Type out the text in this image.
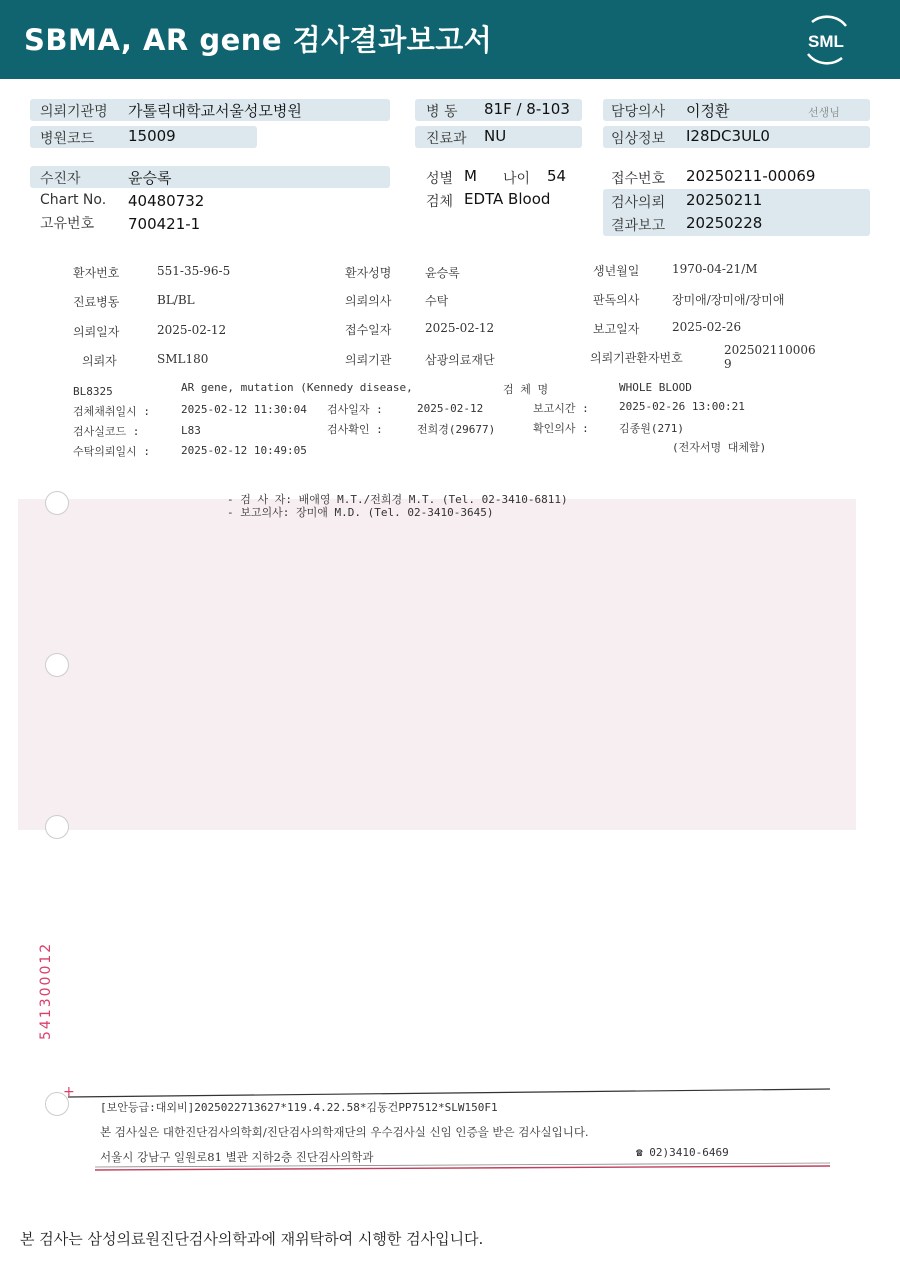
SBMA, AR gene 검사결과보고서	SML
의뢰기관명 가톨릭대학교서울성모병원	병 동 81F / 8-103	담당의사 이정환	선생님
병원코드 15009	진료과 NU	임상정보 I28DC3UL0
수진자	윤승록	성별 M 나이 54	접수번호 20250211-00069
Chart No. 40480732	검체 EDTA Blood	검사의뢰 20250211
고유번호 700421-1	결과보고 20250228
환자번호	551-35-96-5	환자성명	윤승록	생년월일	1970-04-21/M
진료병동	BL/BL	의뢰의사	수탁	판독의사	장미애/장미애/장미애
의뢰일자	2025-02-12	접수일자	2025-02-12	보고일자	2025-02-26
의뢰자	SML180	의뢰기관	삼광의료재단	의뢰기관환자번호
202502110006
9
BL8325	AR gene, mutation (Kennedy disease,	검 체 명	WHOLE BLOOD
검체채취일시 :	2025-02-12 11:30:04 검사일자 :	2025-02-12	보고시간 :	2025-02-26 13:00:21
검사실코드 :	L83	검사확인 :	전희경(29677)	확인의사 :	김종원(271)
수탁의뢰일시 :	2025-02-12 10:49:05	(전자서명 대체함)
- 검 사 자: 배애영 M.T./전희경 M.T. (Tel. 02-3410-6811)
- 보고의사: 장미애 M.D. (Tel. 02-3410-3645)
541300012
+
[보안등급:대외비]2025022713627*119.4.22.58*김동건PP7512*SLW150F1
본 검사실은 대한진단검사의학회/진단검사의학재단의 우수검사실 신임 인증을 받은 검사실입니다.
서울시 강남구 일원로81 별관 지하2층 진단검사의학과	☎ 02)3410-6469
본 검사는 삼성의료원진단검사의학과에 재위탁하여 시행한 검사입니다.
